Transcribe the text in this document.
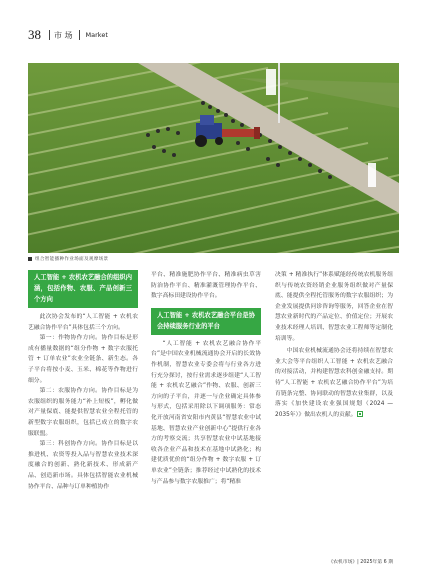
38 市 场 Market
组合智能播种作业场面及观摩场景
人工智能 + 农机农艺融合的组织内涵，包括作物、农服、产品创新三个方向

此次协会发布的“人工智能 + 农机农艺融合协作平台”具体包括三个方向。

第一：作物协作方向。协作目标是形成有播量数据的“组分作物 + 数字农服托管 + 订单农业”农业全链条、新生态。各子平台将按小麦、玉米、棉花等作物进行细分。

第二：农服协作方向。协作目标是为农服组织的服务能力“补上短板”，孵化做对产量保底、能提供智慧农业全程托管的新型数字农服组织，包括已成立的数字农服联盟。

第三：科创协作方向。协作目标是以推进机、农资等投入品与智慧农业技术深度融合的创新、熟化新技术、形成新产品、创造新市场。具体包括智能农业机械协作平台、品种与订单种植协作

平台、精准施肥协作平台、精准病虫草害防治协作平台、精准灌溉管理协作平台、数字高标田建设协作平台。

人工智能 + 农机农艺融合平台是协会持续服务行业的平台

“人工智能 + 农机农艺融合协作平台”是中国农业机械流通协会开启的长效协作机制，智慧农业专委会将与行业各方进行充分探讨，按行业需求逐步组建“人工智能 + 农机农艺融合”作物、农服、创新三方向的子平台，并逐一与企业确定具体参与形式，包括采用除以下调项服务：常态化开放河南省安阳市内黄县“智慧农业中试基地、智慧农业产业创新中心”提供行业各方的考察交流；共享智慧农业中试基地接收各企业产品和技术在基地中试熟化；构建优质优价的“组分作物 + 数字农服 + 订单农业”全链条；推荐经过中试熟化的技术与产品参与数字农服推广；将“精准

决策 + 精准执行”体系赋能经传统农机服务组织与传统农资经销企业服务组织做对产量保底、能提供全程托管服务的数字农服组织；为企业发展提供问诊咨询等服务，回答企业在智慧农业新时代的产品定位、价值定位；开展农业技术经理人培训、智慧农业工程师等定制化培训等。

中国农业机械流通协会还将持续在智慧农业大会等平台组织人工智能 + 农机农艺融合的对接活动，并构建智慧农科创金融支持。期待“人工智能 + 农机农艺融合协作平台”为培育链条完整、协同联动的智慧农业集群，以及落实《加快建设农业强国规划（2024 — 2035年）》做出农机人的贡献。

《农机市场》| 2025年第 6 期
